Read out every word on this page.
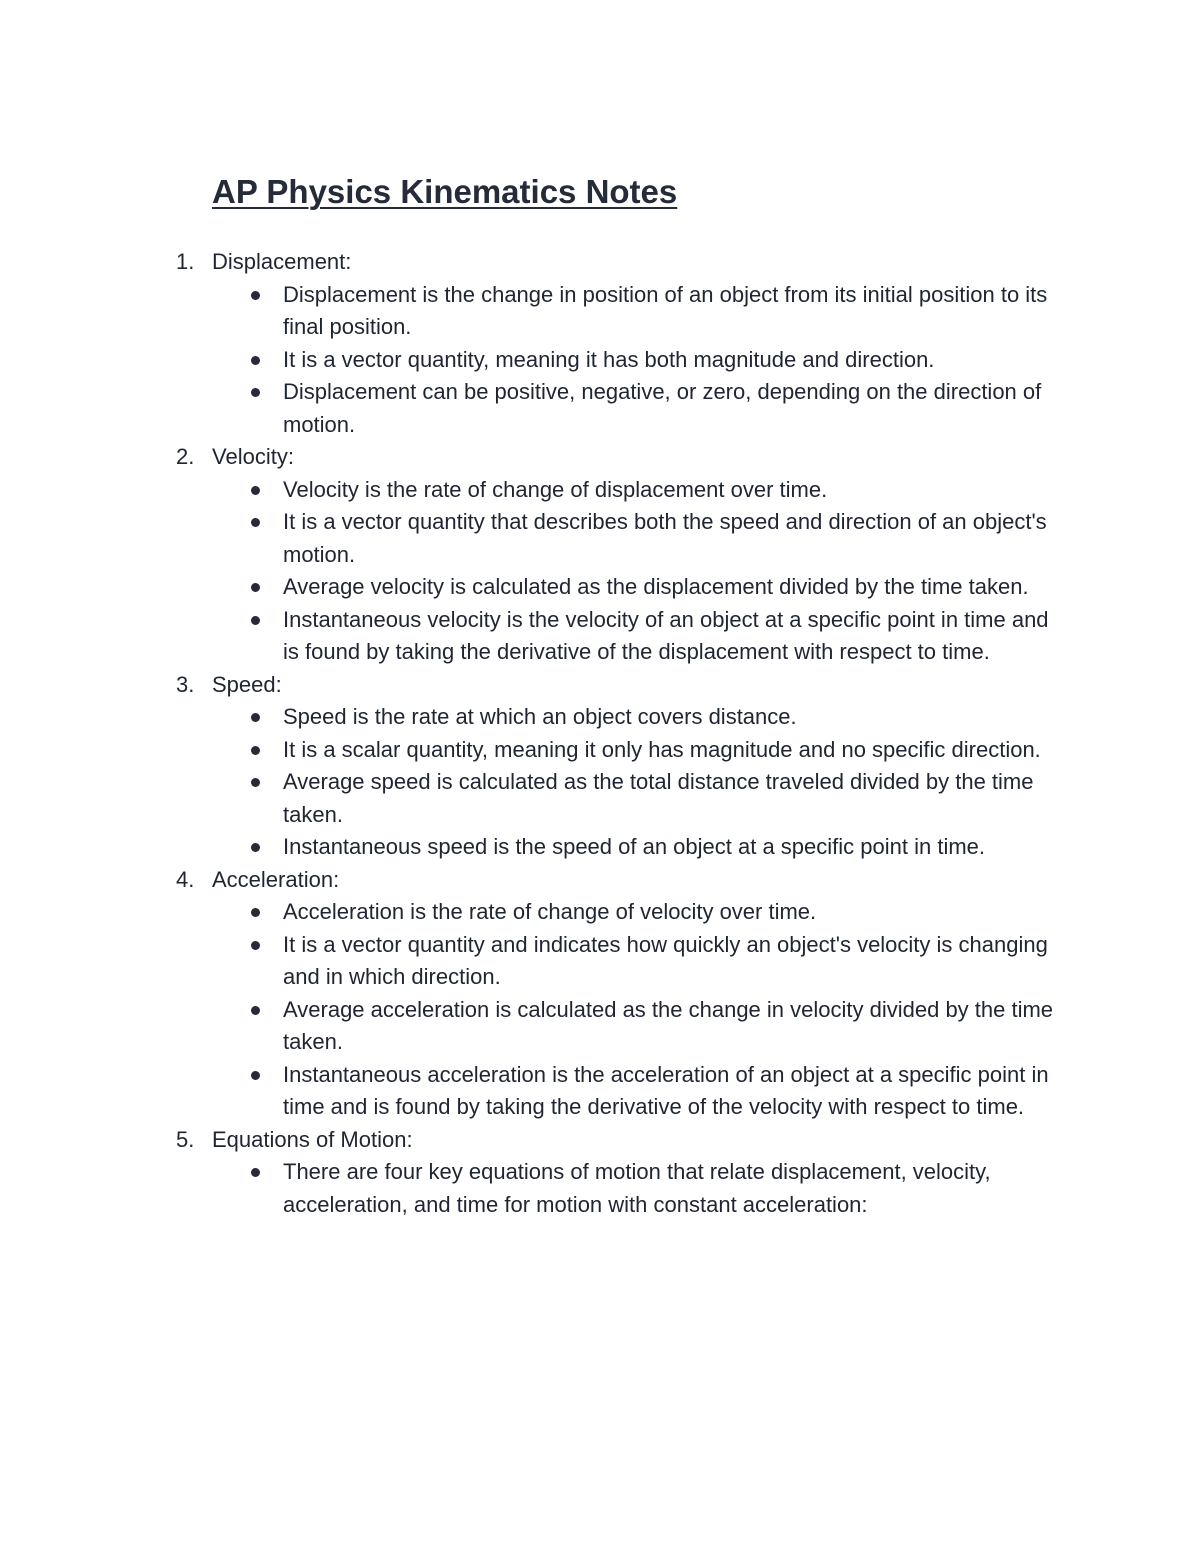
AP Physics Kinematics Notes
1. Displacement:
Displacement is the change in position of an object from its initial position to its final position.
It is a vector quantity, meaning it has both magnitude and direction.
Displacement can be positive, negative, or zero, depending on the direction of motion.
2. Velocity:
Velocity is the rate of change of displacement over time.
It is a vector quantity that describes both the speed and direction of an object's motion.
Average velocity is calculated as the displacement divided by the time taken.
Instantaneous velocity is the velocity of an object at a specific point in time and is found by taking the derivative of the displacement with respect to time.
3. Speed:
Speed is the rate at which an object covers distance.
It is a scalar quantity, meaning it only has magnitude and no specific direction.
Average speed is calculated as the total distance traveled divided by the time taken.
Instantaneous speed is the speed of an object at a specific point in time.
4. Acceleration:
Acceleration is the rate of change of velocity over time.
It is a vector quantity and indicates how quickly an object's velocity is changing and in which direction.
Average acceleration is calculated as the change in velocity divided by the time taken.
Instantaneous acceleration is the acceleration of an object at a specific point in time and is found by taking the derivative of the velocity with respect to time.
5. Equations of Motion:
There are four key equations of motion that relate displacement, velocity, acceleration, and time for motion with constant acceleration:
